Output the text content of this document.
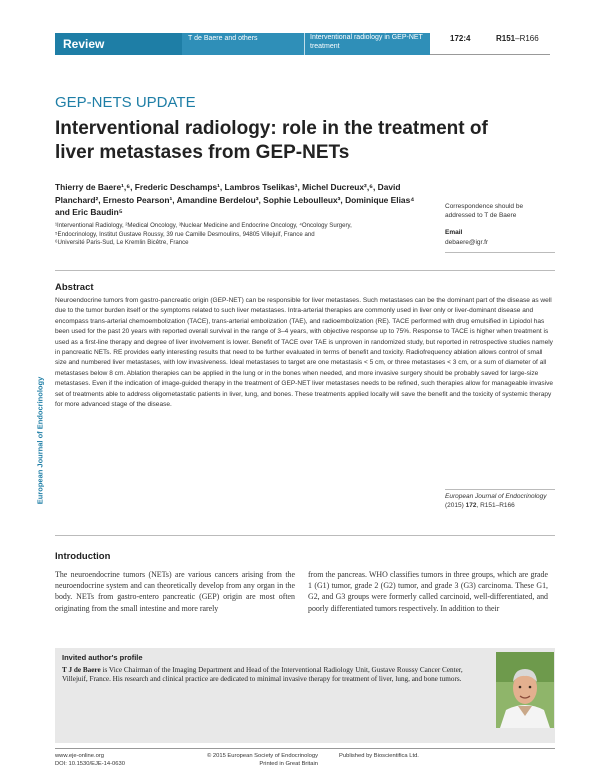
Review	T de Baere and others	Interventional radiology in GEP-NET treatment
172:4	R151–R166
GEP-NETS UPDATE
Interventional radiology: role in the treatment of liver metastases from GEP-NETs
Thierry de Baere¹,⁶, Frederic Deschamps¹, Lambros Tselikas¹, Michel Ducreux²,⁶, David Planchard², Ernesto Pearson¹, Amandine Berdelou³, Sophie Leboulleux³, Dominique Elias⁴ and Eric Baudin⁵
¹Interventional Radiology, ²Medical Oncology, ³Nuclear Medicine and Endocrine Oncology, ⁴Oncology Surgery,
⁵Endocrinology, Institut Gustave Roussy, 39 rue Camille Desmoulins, 94805 Villejuif, France and
⁶Université Paris-Sud, Le Kremlin Bicêtre, France
Correspondence should be addressed to T de Baere
Email
debaere@igr.fr
Abstract
Neuroendocrine tumors from gastro-pancreatic origin (GEP-NET) can be responsible for liver metastases. Such metastases can be the dominant part of the disease as well due to the tumor burden itself or the symptoms related to such liver metastases. Intra-arterial therapies are commonly used in liver only or liver-dominant disease and encompass trans-arterial chemoembolization (TACE), trans-arterial embolization (TAE), and radioembolization (RE). TACE performed with drug emulsified in Lipiodol has been used for the past 20 years with reported overall survival in the range of 3–4 years, with objective response up to 75%. Response to TACE is higher when treatment is used as a first-line therapy and degree of liver involvement is lower. Benefit of TACE over TAE is unproven in randomized study, but reported in retrospective studies namely in pancreatic NETs. RE provides early interesting results that need to be further evaluated in terms of benefit and toxicity. Radiofrequency ablation allows control of small size and numbered liver metastases, with low invasiveness. Ideal metastases to target are one metastasis < 5 cm, or three metastases < 3 cm, or a sum of diameter of all metastases below 8 cm. Ablation therapies can be applied in the lung or in the bones when needed, and more invasive surgery should be probably saved for large-size metastases. Even if the indication of image-guided therapy in the treatment of GEP-NET liver metastases needs to be refined, such therapies allow for manageable invasive set of treatments able to address oligometastatic patients in liver, lung, and bones. These treatments applied locally will save the benefit and the toxicity of systemic therapy for more advanced stage of the disease.
European Journal of Endocrinology	European Journal of Endocrinology
(2015) 172, R151–R166
Introduction
The neuroendocrine tumors (NETs) are various cancers arising from the neuroendocrine system and can theoretically develop from any organ in the body. NETs from gastro-entero pancreatic (GEP) origin are most often originating from the small intestine and more rarely
from the pancreas. WHO classifies tumors in three groups, which are grade 1 (G1) tumor, grade 2 (G2) tumor, and grade 3 (G3) carcinoma. These G1, G2, and G3 groups were formerly called carcinoid, well-differentiated, and poorly differentiated tumors respectively. In addition to their
Invited author's profile
T J de Baere is Vice Chairman of the Imaging Department and Head of the Interventional Radiology Unit, Gustave Roussy Cancer Center, Villejuif, France. His research and clinical practice are dedicated to minimal invasive therapy for treatment of liver, lung, and bone tumors.
www.eje-online.org
DOI: 10.1530/EJE-14-0630
© 2015 European Society of Endocrinology
Printed in Great Britain
Published by Bioscientifica Ltd.
